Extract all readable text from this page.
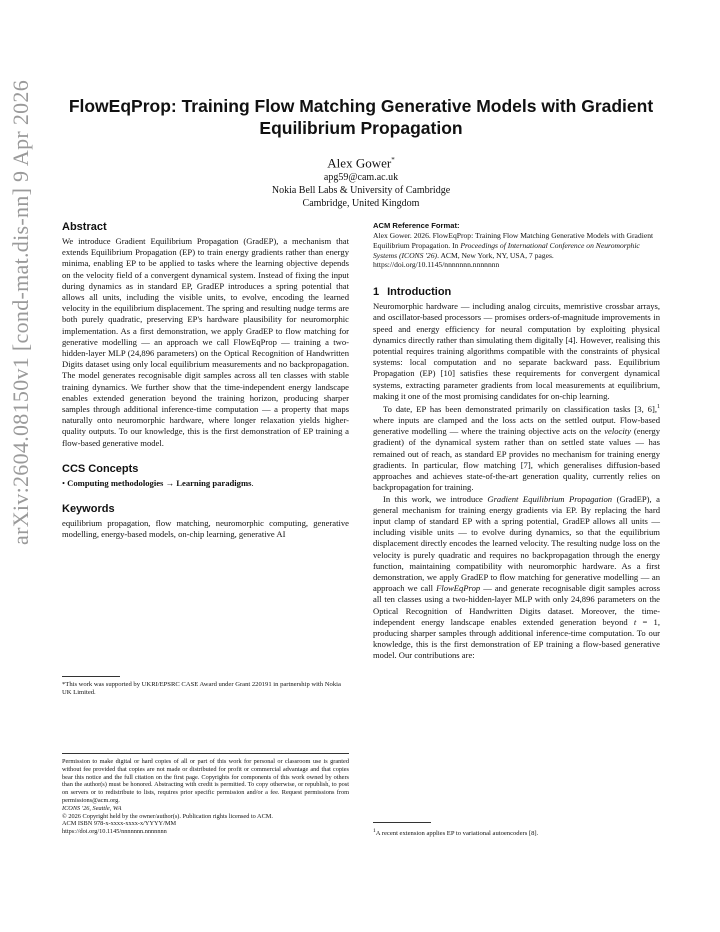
arXiv:2604.08150v1 [cond-mat.dis-nn] 9 Apr 2026	FlowEqProp: Training Flow Matching Generative Models with Gradient Equilibrium Propagation
Alex Gower*
apg59@cam.ac.uk
Nokia Bell Labs & University of Cambridge
Cambridge, United Kingdom
Abstract

We introduce Gradient Equilibrium Propagation (GradEP), a mechanism that extends Equilibrium Propagation (EP) to train energy gradients rather than energy minima, enabling EP to be applied to tasks where the learning objective depends on the velocity field of a convergent dynamical system. Instead of fixing the input during dynamics as in standard EP, GradEP introduces a spring potential that allows all units, including the visible units, to evolve, encoding the learned velocity in the equilibrium displacement. The spring and resulting nudge terms are both purely quadratic, preserving EP's hardware plausibility for neuromorphic implementation. As a first demonstration, we apply GradEP to flow matching for generative modelling — an approach we call FlowEqProp — training a two-hidden-layer MLP (24,896 parameters) on the Optical Recognition of Handwritten Digits dataset using only local equilibrium measurements and no backpropagation. The model generates recognisable digit samples across all ten classes with stable training dynamics. We further show that the time-independent energy landscape enables extended generation beyond the training horizon, producing sharper samples through additional inference-time computation — a property that maps naturally onto neuromorphic hardware, where longer relaxation yields higher-quality outputs. To our knowledge, this is the first demonstration of EP training a flow-based generative model.

CCS Concepts

• Computing methodologies → Learning paradigms.

Keywords

equilibrium propagation, flow matching, neuromorphic computing, generative modelling, energy-based models, on-chip learning, generative AI

*This work was supported by UKRI/EPSRC CASE Award under Grant 220191 in partnership with Nokia UK Limited.

Permission to make digital or hard copies of all or part of this work for personal or classroom use is granted without fee provided that copies are not made or distributed for profit or commercial advantage and that copies bear this notice and the full citation on the first page. Copyrights for components of this work owned by others than the author(s) must be honored. Abstracting with credit is permitted. To copy otherwise, or republish, to post on servers or to redistribute to lists, requires prior specific permission and/or a fee. Request permissions from permissions@acm.org.

ICONS '26, Seattle, WA

© 2026 Copyright held by the owner/author(s). Publication rights licensed to ACM.

ACM ISBN 978-x-xxxx-xxxx-x/YYYY/MM

https://doi.org/10.1145/nnnnnnn.nnnnnnn

ACM Reference Format:

Alex Gower. 2026. FlowEqProp: Training Flow Matching Generative Models with Gradient Equilibrium Propagation. In Proceedings of International Conference on Neuromorphic Systems (ICONS '26). ACM, New York, NY, USA, 7 pages. https://doi.org/10.1145/nnnnnnn.nnnnnnn

1 Introduction

Neuromorphic hardware — including analog circuits, memristive crossbar arrays, and oscillator-based processors — promises orders-of-magnitude improvements in speed and energy efficiency for neural computation by exploiting physical dynamics directly rather than simulating them digitally [4]. However, realising this potential requires training algorithms compatible with the constraints of physical systems: local computation and no separate backward pass. Equilibrium Propagation (EP) [10] satisfies these requirements for convergent dynamical systems, extracting parameter gradients from local measurements at equilibrium, making it one of the most promising candidates for on-chip learning.

To date, EP has been demonstrated primarily on classification tasks [3, 6],$^1$ where inputs are clamped and the loss acts on the settled output. Flow-based generative modelling — where the training objective acts on the velocity (energy gradient) of the dynamical system rather than on settled state values — has remained out of reach, as standard EP provides no mechanism for training energy gradients. In particular, flow matching [7], which generalises diffusion-based approaches and achieves state-of-the-art generation quality, currently relies on backpropagation for training.

In this work, we introduce Gradient Equilibrium Propagation (GradEP), a general mechanism for training energy gradients via EP. By replacing the hard input clamp of standard EP with a spring potential, GradEP allows all units — including visible units — to evolve during dynamics, so that the equilibrium displacement directly encodes the learned velocity. The resulting nudge loss on the velocity is purely quadratic and requires no backpropagation through the energy function, maintaining compatibility with neuromorphic hardware. As a first demonstration, we apply GradEP to flow matching for generative modelling — an approach we call FlowEqProp — and generate recognisable digit samples across all ten classes using a two-hidden-layer MLP with only 24,896 parameters on the Optical Recognition of Handwritten Digits dataset. Moreover, the time-independent energy landscape enables extended generation beyond t = 1, producing sharper samples through additional inference-time computation. To our knowledge, this is the first demonstration of EP training a flow-based generative model. Our contributions are:

$^1$A recent extension applies EP to variational autoencoders [8].
